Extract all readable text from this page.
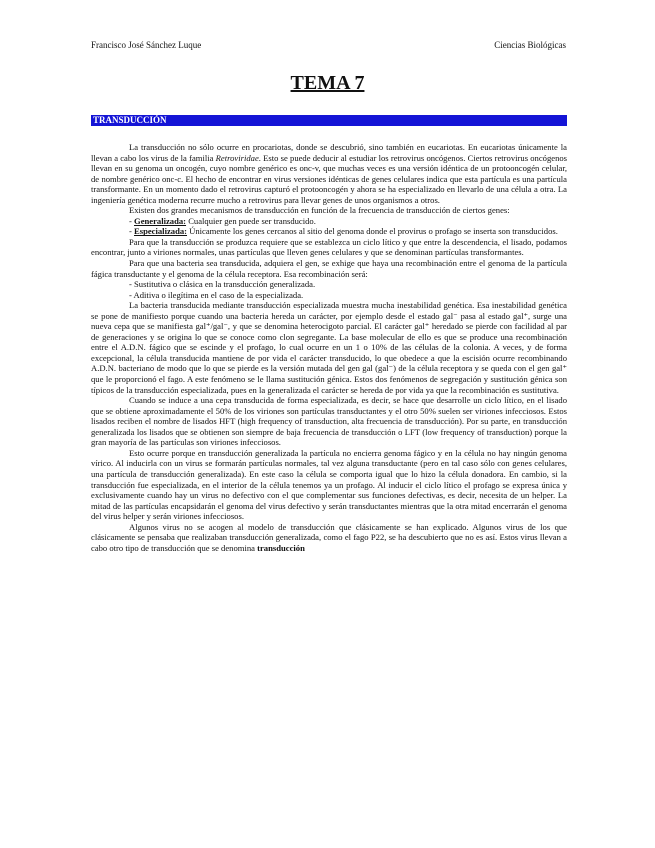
Francisco José Sánchez Luque	Ciencias Biológicas
TEMA 7
TRANSDUCCIÓN

La transducción no sólo ocurre en procariotas, donde se descubrió, sino también en eucariotas. En eucariotas únicamente la llevan a cabo los virus de la familia Retroviridae. Esto se puede deducir al estudiar los retrovirus oncógenos. Ciertos retrovirus oncógenos llevan en su genoma un oncogén, cuyo nombre genérico es onc-v, que muchas veces es una versión idéntica de un protooncogén celular, de nombre genérico onc-c. El hecho de encontrar en virus versiones idénticas de genes celulares indica que esta partícula es una partícula transformante. En un momento dado el retrovirus capturó el protooncogén y ahora se ha especializado en llevarlo de una célula a otra. La ingeniería genética moderna recurre mucho a retrovirus para llevar genes de unos organismos a otros.

Existen dos grandes mecanismos de transducción en función de la frecuencia de transducción de ciertos genes:

- Generalizada: Cualquier gen puede ser transducido.

- Especializada: Únicamente los genes cercanos al sitio del genoma donde el provirus o profago se inserta son transducidos.

Para que la transducción se produzca requiere que se establezca un ciclo lítico y que entre la descendencia, el lisado, podamos encontrar, junto a viriones normales, unas partículas que lleven genes celulares y que se denominan partículas transformantes.

Para que una bacteria sea transducida, adquiera el gen, se exhige que haya una recombinación entre el genoma de la partícula fágica transductante y el genoma de la célula receptora. Esa recombinación será:

- Sustitutiva o clásica en la transducción generalizada.

- Aditiva o ilegítima en el caso de la especializada.

La bacteria transducida mediante transducción especializada muestra mucha inestabilidad genética. Esa inestabilidad genética se pone de manifiesto porque cuando una bacteria hereda un carácter, por ejemplo desde el estado gal⁻ pasa al estado gal⁺, surge una nueva cepa que se manifiesta gal⁺/gal⁻, y que se denomina heterocigoto parcial. El carácter gal⁺ heredado se pierde con facilidad al par de generaciones y se origina lo que se conoce como clon segregante. La base molecular de ello es que se produce una recombinación entre el A.D.N. fágico que se escinde y el profago, lo cual ocurre en un 1 o 10% de las células de la colonia. A veces, y de forma excepcional, la célula transducida mantiene de por vida el carácter transducido, lo que obedece a que la escisión ocurre recombinando A.D.N. bacteriano de modo que lo que se pierde es la versión mutada del gen gal (gal⁻) de la célula receptora y se queda con el gen gal⁺ que le proporcionó el fago. A este fenómeno se le llama sustitución génica. Estos dos fenómenos de segregación y sustitución génica son típicos de la transducción especializada, pues en la generalizada el carácter se hereda de por vida ya que la recombinación es sustitutiva.

Cuando se induce a una cepa transducida de forma especializada, es decir, se hace que desarrolle un ciclo lítico, en el lisado que se obtiene aproximadamente el 50% de los viriones son partículas transductantes y el otro 50% suelen ser viriones infecciosos. Estos lisados reciben el nombre de lisados HFT (high frequency of transduction, alta frecuencia de transducción). Por su parte, en transducción generalizada los lisados que se obtienen son siempre de baja frecuencia de transducción o LFT (low frequency of transduction) porque la gran mayoría de las partículas son viriones infecciosos.

Esto ocurre porque en transducción generalizada la partícula no encierra genoma fágico y en la célula no hay ningún genoma vírico. Al inducirla con un virus se formarán partículas normales, tal vez alguna transductante (pero en tal caso sólo con genes celulares, una partícula de transducción generalizada). En este caso la célula se comporta igual que lo hizo la célula donadora. En cambio, si la transducción fue especializada, en el interior de la célula tenemos ya un profago. Al inducir el ciclo lítico el profago se expresa única y exclusivamente cuando hay un virus no defectivo con el que complementar sus funciones defectivas, es decir, necesita de un helper. La mitad de las partículas encapsidarán el genoma del virus defectivo y serán transductantes mientras que la otra mitad encerrarán el genoma del virus helper y serán viriones infecciosos.

Algunos virus no se acogen al modelo de transducción que clásicamente se han explicado. Algunos virus de los que clásicamente se pensaba que realizaban transducción generalizada, como el fago P22, se ha descubierto que no es así. Estos virus llevan a cabo otro tipo de transducción que se denomina transducción
